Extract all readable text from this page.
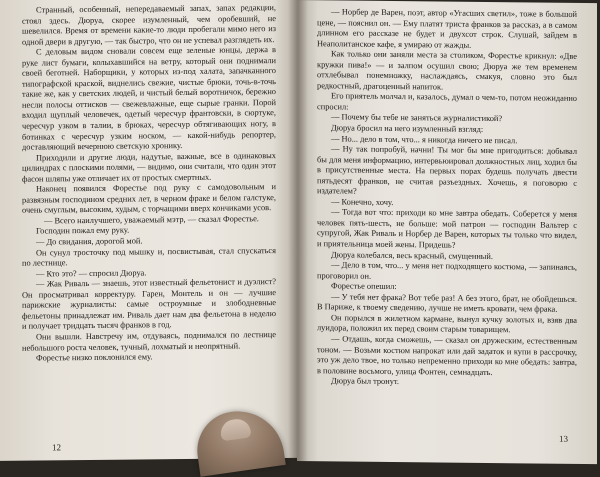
Странный, особенный, непередаваемый запах, запах редакции, стоял здесь. Дюруа, скорее изумленный, чем оробевший, не шевелился. Время от времени какие-то люди пробегали мимо него из одной двери в другую, — так быстро, что он не успевал разглядеть их.

С деловым видом сновали совсем еще зеленые юнцы, держа в руке лист бумаги, колыхавшийся на ветру, который они поднимали своей беготней. Наборщики, у которых из-под халата, запачканного типографской краской, виднелись свежие, чистые брюки, точь-в-точь такие же, как у светских людей, и чистый белый воротничок, бережно несли полосы оттисков — свежевлажные, еще сырые гранки. Порой входил щуплый человечек, одетый чересчур франтовски, в сюртуке, чересчур узком в талии, в брюках, чересчур обтягивающих ногу, в ботинках с чересчур узким носком, — какой-нибудь репортер, доставляющий вечернюю светскую хронику.

Приходили и другие люди, надутые, важные, все в одинаковых цилиндрах с плоскими полями, — видимо, они считали, что один этот фасон шляпы уже отличает их от простых смертных.

Наконец появился Форестье под руку с самодовольным и развязным господином средних лет, в черном фраке и белом галстуке, очень смуглым, высоким, худым, с торчащими вверх кончиками усов.

— Всего наилучшего, уважаемый мэтр, — сказал Форестье.

Господин пожал ему руку.

— До свидания, дорогой мой.

Он сунул тросточку под мышку и, посвистывая, стал спускаться по лестнице.

— Кто это? — спросил Дюруа.

— Жак Риваль — знаешь, этот известный фельетонист и дуэлист? Он просматривал корректуру. Гарен, Монтель и он — лучшие парижские журналисты: самые остроумные и злободневные фельетоны принадлежат им. Риваль дает нам два фельетона в неделю и получает тридцать тысяч франков в год.

Они вышли. Навстречу им, отдуваясь, поднимался по лестнице небольшого роста человек, тучный, лохматый и неопрятный.

Форестье низко поклонился ему.

12

— Норбер де Варен, поэт, автор «Угасших светил», тоже в большой цене, — пояснил он. — Ему платят триста франков за рассказ, а в самом длинном его рассказе не будет и двухсот строк. Слушай, зайдем в Неаполитанское кафе, я умираю от жажды.

Как только они заняли места за столиком, Форестье крикнул: «Две кружки пива!» — и залпом осушил свою; Дюруа же тем временем отхлебывал понемножку, наслаждаясь, смакуя, словно это был редкостный, драгоценный напиток.

Его приятель молчал и, казалось, думал о чем-то, потом неожиданно спросил:

— Почему бы тебе не заняться журналистикой?

Дюруа бросил на него изумленный взгляд:

— Но... дело в том, что... я никогда ничего не писал.

— Ну так попробуй, начни! Ты мог бы мне пригодиться: добывал бы для меня информацию, интервьюировал должностных лиц, ходил бы в присутственные места. На первых порах будешь получать двести пятьдесят франков, не считая разъездных. Хочешь, я поговорю с издателем?

— Конечно, хочу.

— Тогда вот что: приходи ко мне завтра обедать. Соберется у меня человек пять-шесть, не больше: мой патрон — господин Вальтер с супругой, Жак Риваль и Норбер де Варен, которых ты только что видел, и приятельница моей жены. Придешь?

Дюруа колебался, весь красный, смущенный.

— Дело в том, что... у меня нет подходящего костюма, — запинаясь, проговорил он.

Форестье опешил:

— У тебя нет фрака? Вот тебе раз! А без этого, брат, не обойдешься. В Париже, к твоему сведению, лучше не иметь кровати, чем фрака.

Он порылся в жилетном кармане, вынул кучку золотых и, взяв два луидора, положил их перед своим старым товарищем.

— Отдашь, когда сможешь, — сказал он дружеским, естественным тоном. — Возьми костюм напрокат или дай задаток и купи в рассрочку, это уж дело твое, но только непременно приходи ко мне обедать: завтра, в половине восьмого, улица Фонтен, семнадцать.

Дюруа был тронут.

13
